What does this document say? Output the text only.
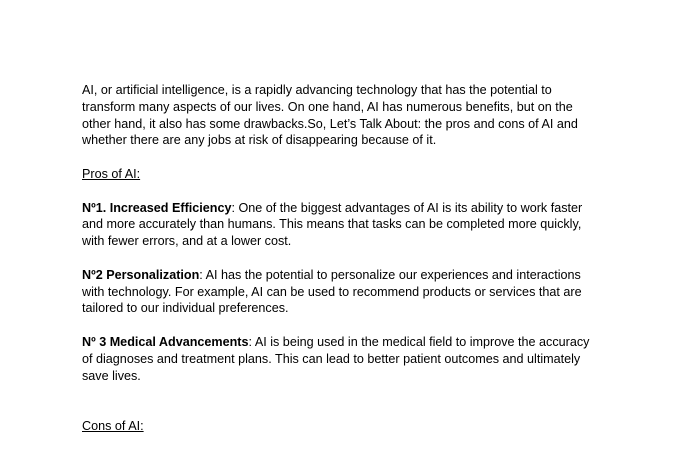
AI, or artificial intelligence, is a rapidly advancing technology that has the potential to transform many aspects of our lives. On one hand, AI has numerous benefits, but on the other hand, it also has some drawbacks.So, Let’s Talk About: the pros and cons of AI and whether there are any jobs at risk of disappearing because of it.

Pros of AI:

Nº1. Increased Efficiency: One of the biggest advantages of AI is its ability to work faster and more accurately than humans. This means that tasks can be completed more quickly, with fewer errors, and at a lower cost.

Nº2 Personalization: AI has the potential to personalize our experiences and interactions with technology. For example, AI can be used to recommend products or services that are tailored to our individual preferences.

Nº 3 Medical Advancements: AI is being used in the medical field to improve the accuracy of diagnoses and treatment plans. This can lead to better patient outcomes and ultimately save lives.

Cons of AI:
